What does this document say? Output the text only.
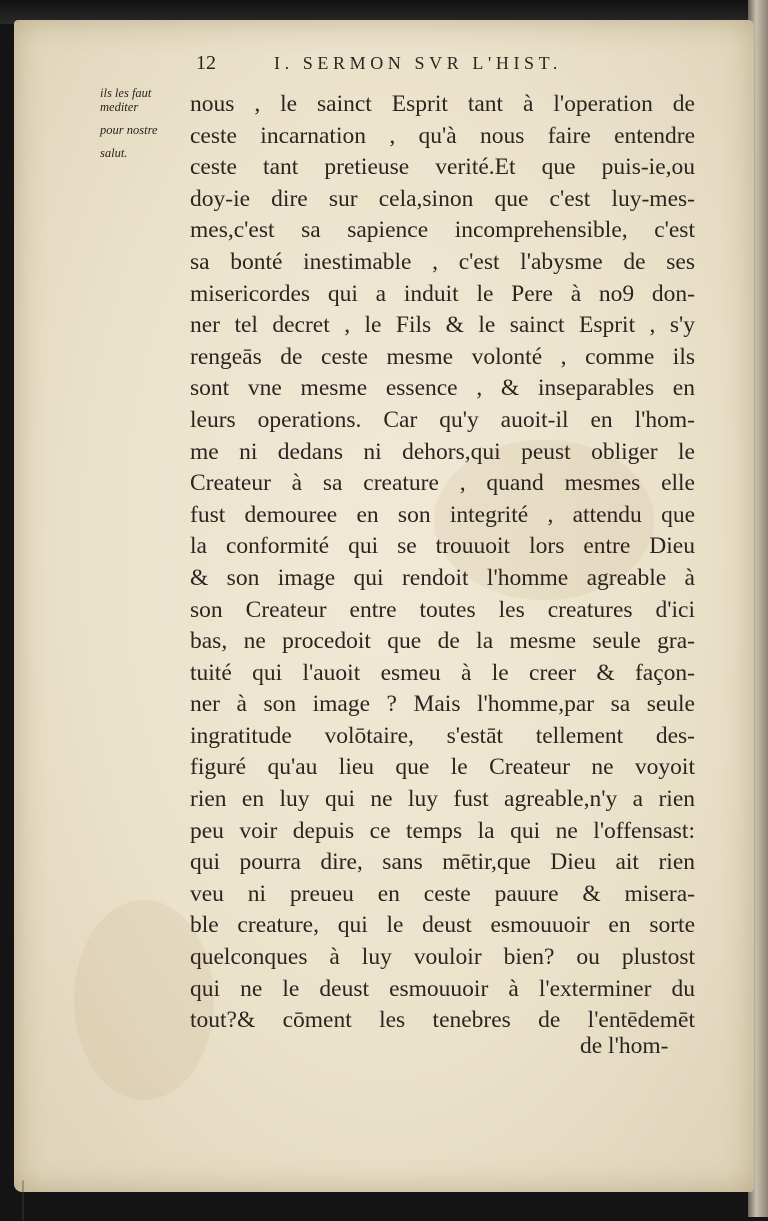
12	I. SERMON SVR L'HIST.
ils les faut
mediter
pour nostre
salut.
nous , le sainct Esprit tant à l'operation de
ceste incarnation , qu'à nous faire entendre
ceste tant pretieuse verité.Et que puis-ie,ou
doy-ie dire sur cela,sinon que c'est luy-mes-
mes,c'est sa sapience incomprehensible, c'est
sa bonté inestimable , c'est l'abysme de ses
misericordes qui a induit le Pere à no9 don-
ner tel decret , le Fils & le sainct Esprit , s'y
rengeās de ceste mesme volonté , comme ils
sont vne mesme essence , & inseparables en
leurs operations. Car qu'y auoit-il en l'hom-
me ni dedans ni dehors,qui peust obliger le
Createur à sa creature , quand mesmes elle
fust demouree en son integrité , attendu que
la conformité qui se trouuoit lors entre Dieu
& son image qui rendoit l'homme agreable à
son Createur entre toutes les creatures d'ici
bas, ne procedoit que de la mesme seule gra-
tuité qui l'auoit esmeu à le creer & façon-
ner à son image ? Mais l'homme,par sa seule
ingratitude volōtaire, s'estāt tellement des-
figuré qu'au lieu que le Createur ne voyoit
rien en luy qui ne luy fust agreable,n'y a rien
peu voir depuis ce temps la qui ne l'offensast:
qui pourra dire, sans mētir,que Dieu ait rien
veu ni preueu en ceste pauure & misera-
ble creature, qui le deust esmouuoir en sorte
quelconques à luy vouloir bien? ou plustost
qui ne le deust esmouuoir à l'exterminer du
tout?& cōment les tenebres de l'entēdemēt
de l'hom-
